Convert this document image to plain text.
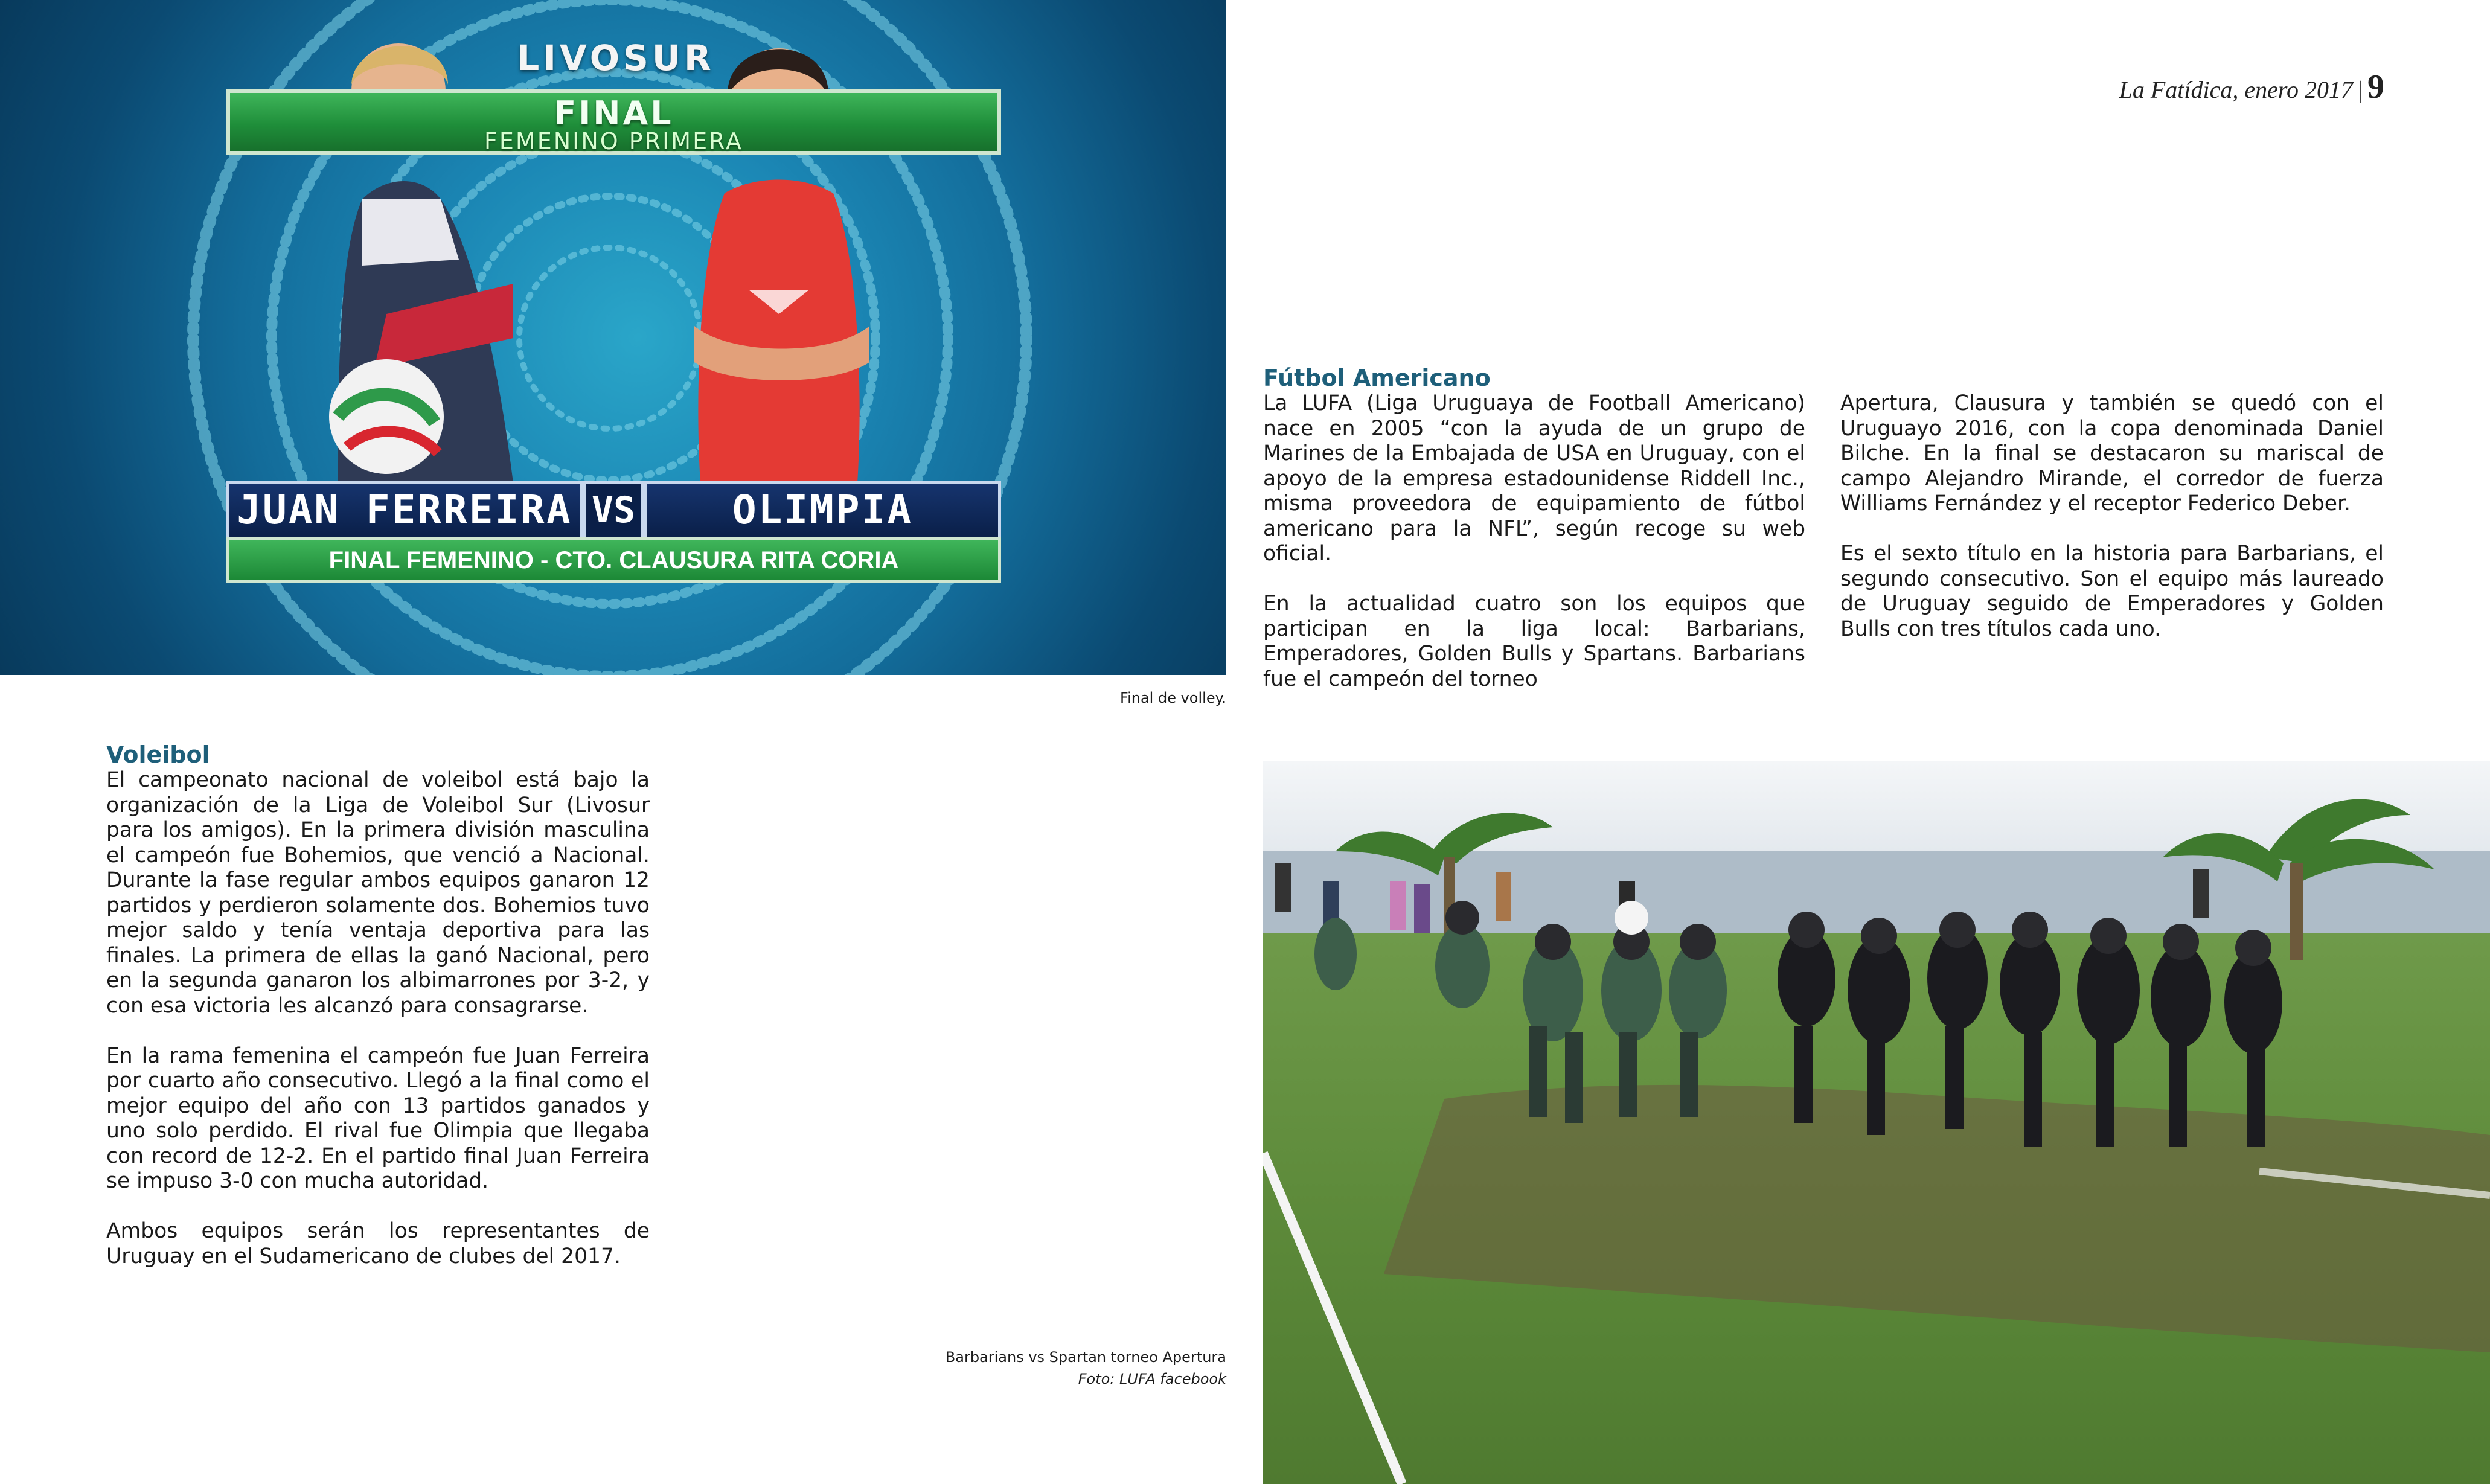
La Fatídica, enero 2017 | 9
LIVOSUR
FINAL
FEMENINO PRIMERA
JUAN FERREIRA VS	OLIMPIA
FINAL FEMENINO - CTO. CLAUSURA RITA CORIA
Final de volley.
Voleibol

El campeonato nacional de voleibol está bajo la organización de la Liga de Voleibol Sur (Livosur para los amigos). En la primera división masculina el campeón fue Bohemios, que venció a Nacional. Durante la fase regular ambos equipos ganaron 12 partidos y perdieron solamente dos. Bohemios tuvo mejor saldo y tenía ventaja deportiva para las finales. La primera de ellas la ganó Nacional, pero en la segunda ganaron los albimarrones por 3-2, y con esa victoria les alcanzó para consagrarse.

En la rama femenina el campeón fue Juan Ferreira por cuarto año consecutivo. Llegó a la final como el mejor equipo del año con 13 partidos ganados y uno solo perdido. El rival fue Olimpia que llegaba con record de 12-2. En el partido final Juan Ferreira se impuso 3-0 con mucha autoridad.

Ambos equipos serán los representantes de Uruguay en el Sudamericano de clubes del 2017.

Fútbol Americano

La LUFA (Liga Uruguaya de Football Americano) nace en 2005 “con la ayuda de un grupo de Marines de la Embajada de USA en Uruguay, con el apoyo de la empresa estadounidense Riddell Inc., misma proveedora de equipamiento de fútbol americano para la NFL”, según recoge su web oficial.

En la actualidad cuatro son los equipos que participan en la liga local: Barbarians, Emperadores, Golden Bulls y Spartans. Barbarians fue el campeón del torneo

Apertura, Clausura y también se quedó con el Uruguayo 2016, con la copa denominada Daniel Bilche. En la final se destacaron su mariscal de campo Alejandro Mirande, el corredor de fuerza Williams Fernández y el receptor Federico Deber.

Es el sexto título en la historia para Barbarians, el segundo consecutivo. Son el equipo más laureado de Uruguay seguido de Emperadores y Golden Bulls con tres títulos cada uno.

Barbarians vs Spartan torneo Apertura
Foto: LUFA facebook
